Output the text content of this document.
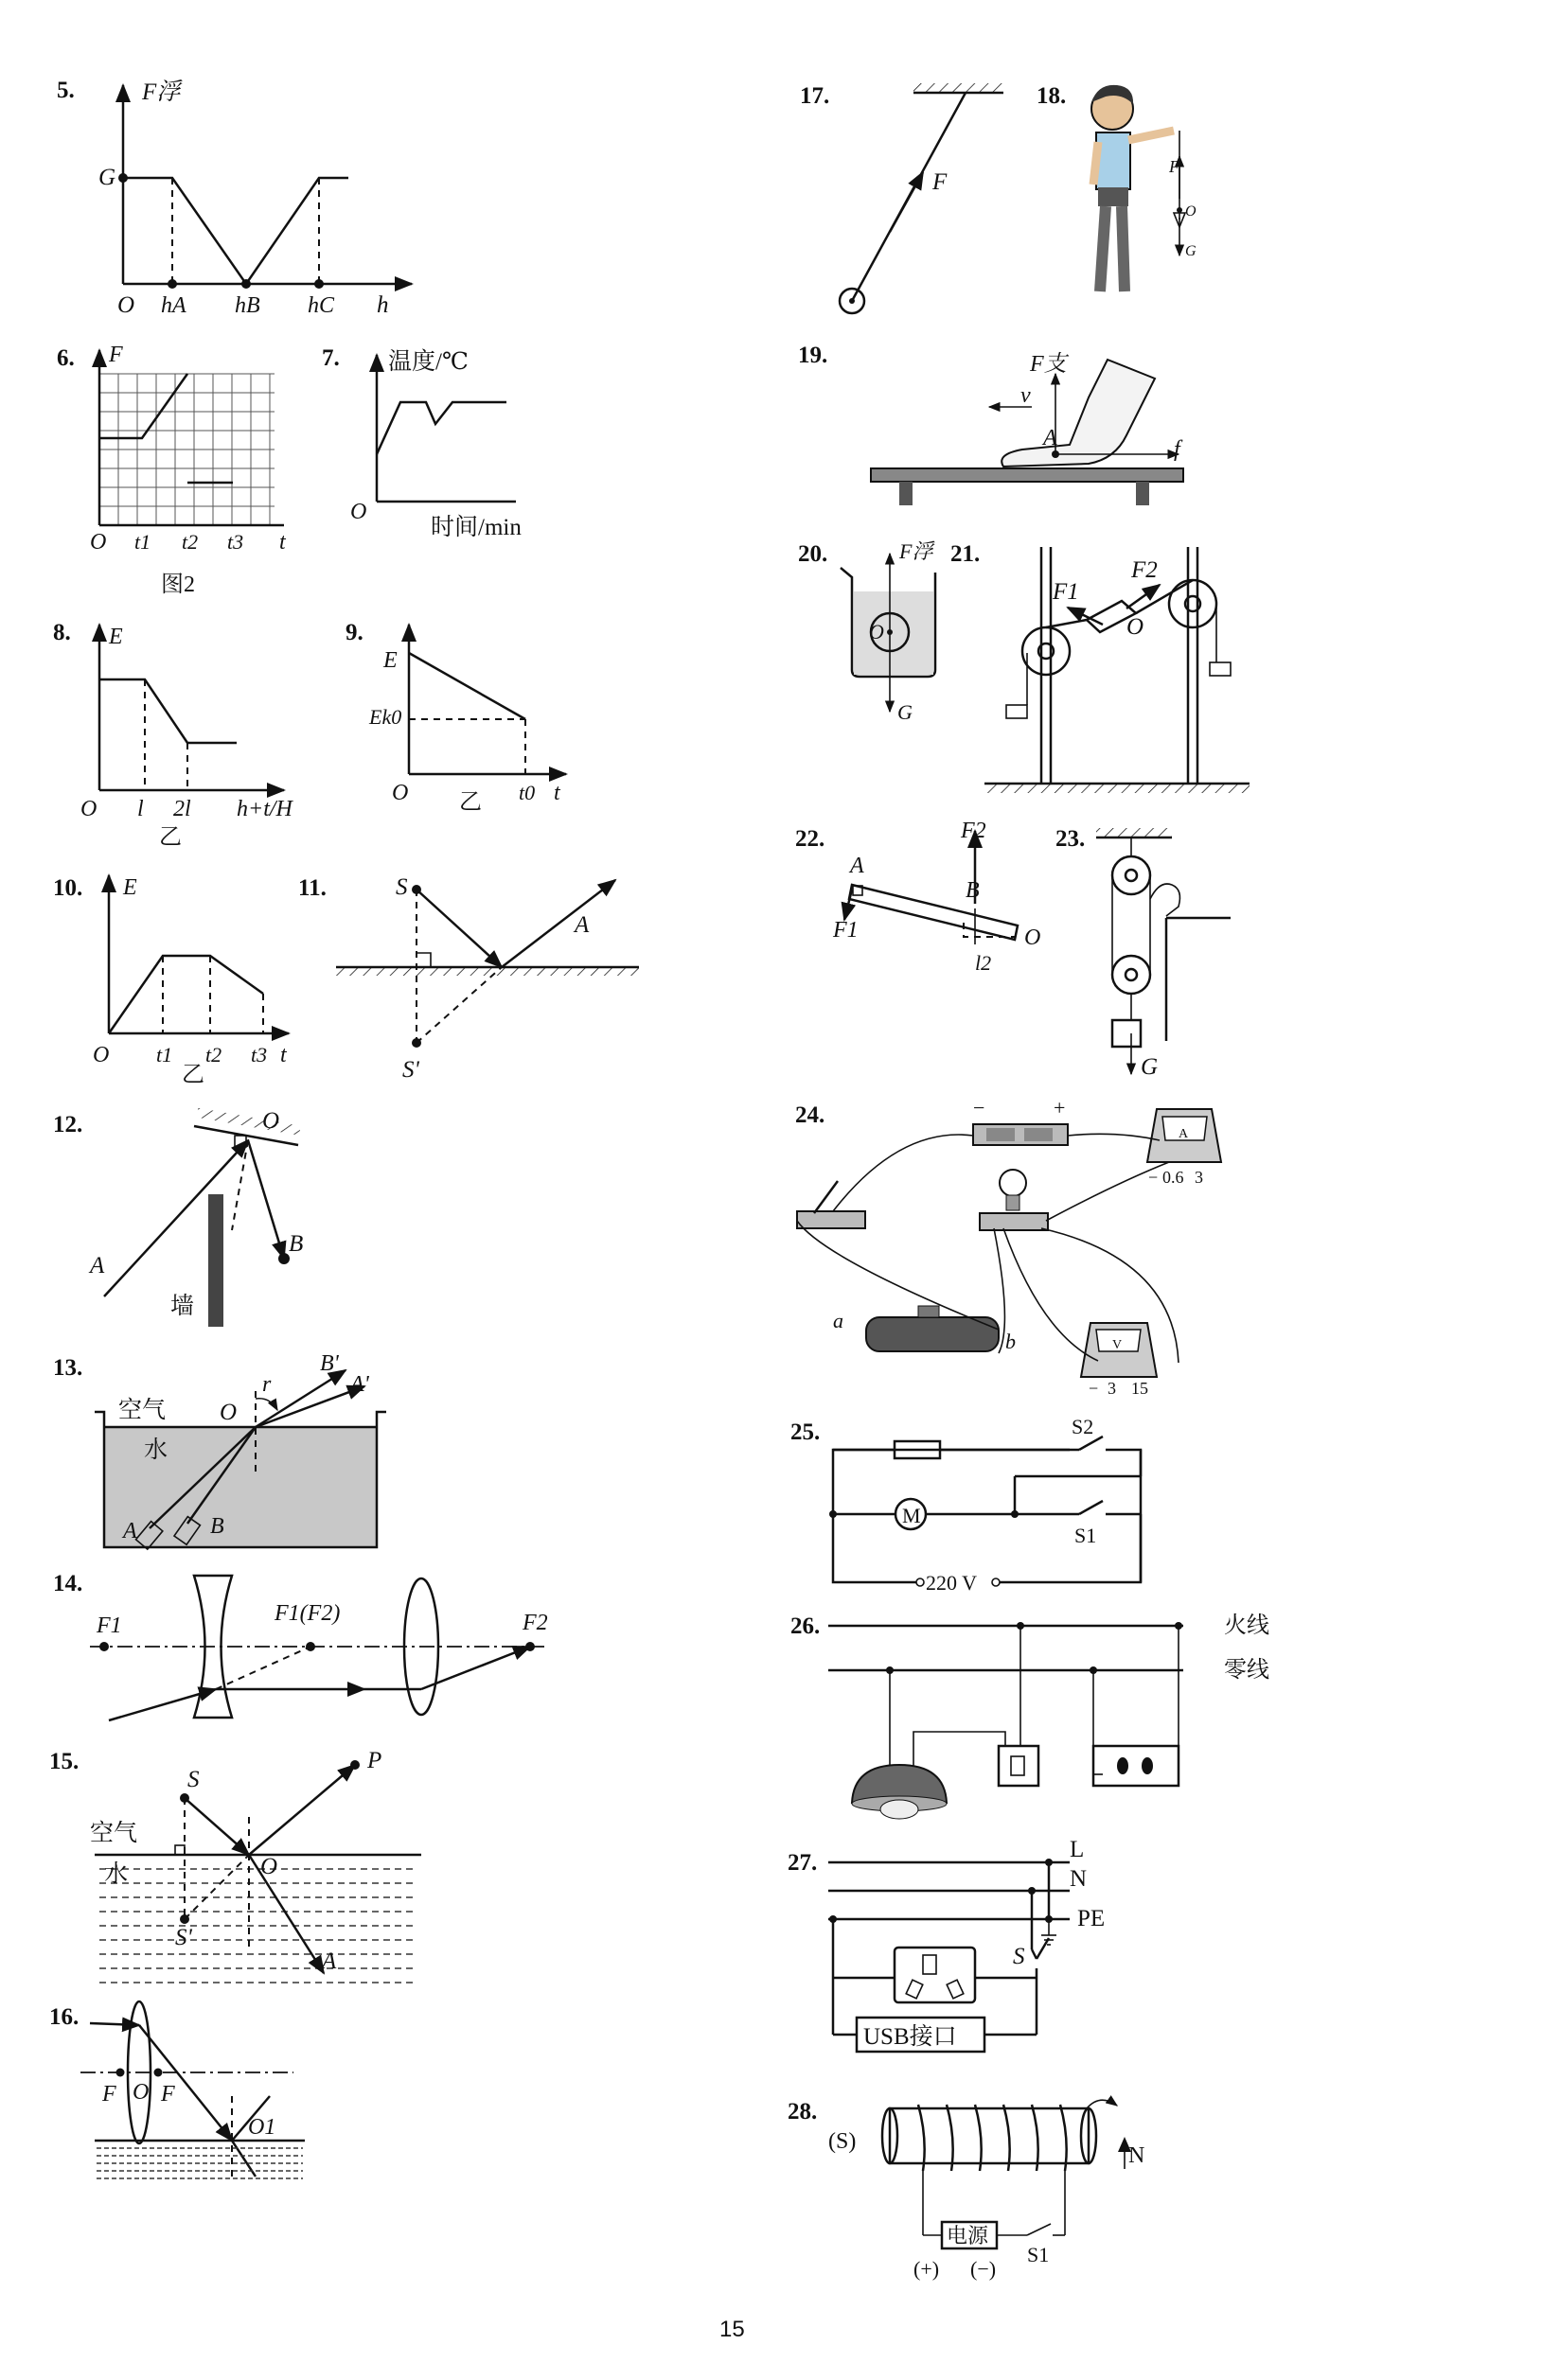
15
5.
6.	7.
8.	9.
10.	11.
12.
13.
14.
15.
16.
17.	18.
19.
20.	21.
22.	23.
24.
25.
26.
27.
28.
F浮
G
O hA hB hC h
F
O t1 t2 t3 t
图2
温度/℃
O
时间/min
E
O l 2l h+t/H
乙
E
Ek0
O 乙 t0 t
E
O t1 t2 t3 t
乙
S
A
S'
O
A
B
墙
空气
水
O
r
B'
A'
A	B
F1	F1(F2)	F2
S
P
空气
水	O
S'
A
F O F
O1
F
F
O
G
F支
v
A	f
F浮
O
G
F1
F2
O
F2
A
B
F1	O
l2
G
−	+
A
− 0.6 3
V
− 3 15
a
b
M
S2
S1
220 V
火线
零线
L
N
PE
S
USB接口
(S)
N
电源
S1
(+) (−)
